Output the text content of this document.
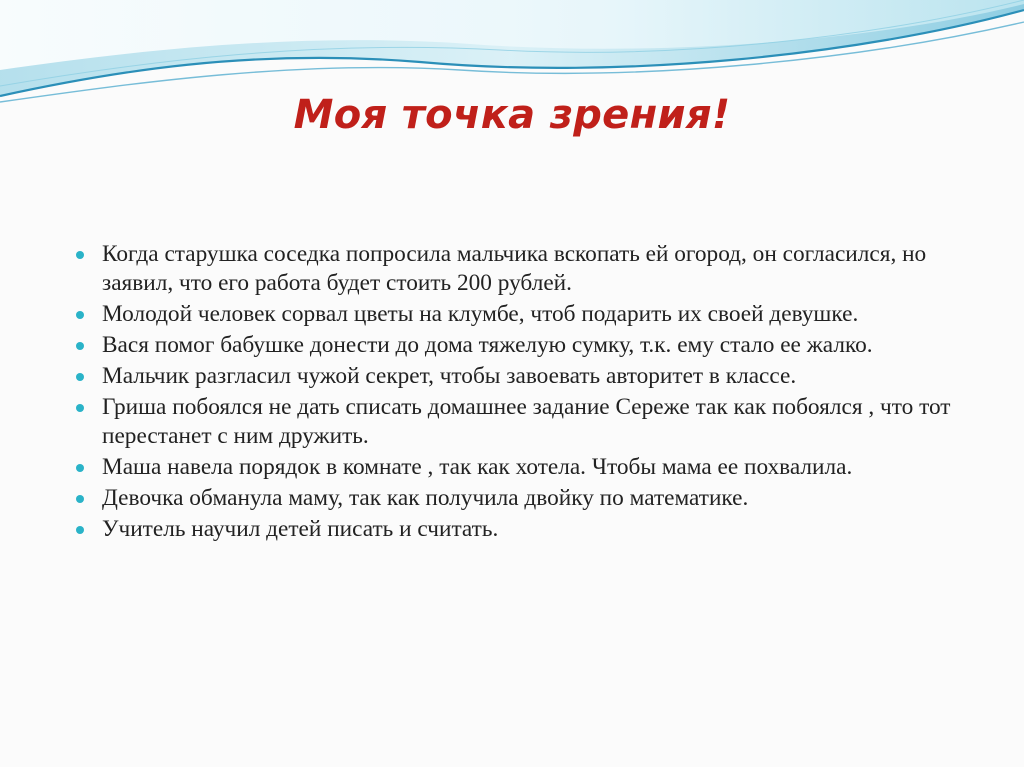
Моя точка зрения!
Когда старушка соседка попросила мальчика вскопать ей огород, он согласился, но заявил, что его работа будет стоить 200 рублей.
Молодой человек сорвал цветы на клумбе, чтоб подарить их своей девушке.
Вася помог бабушке донести до дома тяжелую сумку, т.к. ему стало ее жалко.
Мальчик разгласил чужой секрет, чтобы завоевать авторитет в классе.
Гриша побоялся не дать списать домашнее задание Сереже так как побоялся , что тот перестанет с ним дружить.
Маша навела порядок в комнате , так как хотела. Чтобы мама ее похвалила.
Девочка обманула маму, так как получила двойку по математике.
Учитель научил детей писать и считать.
